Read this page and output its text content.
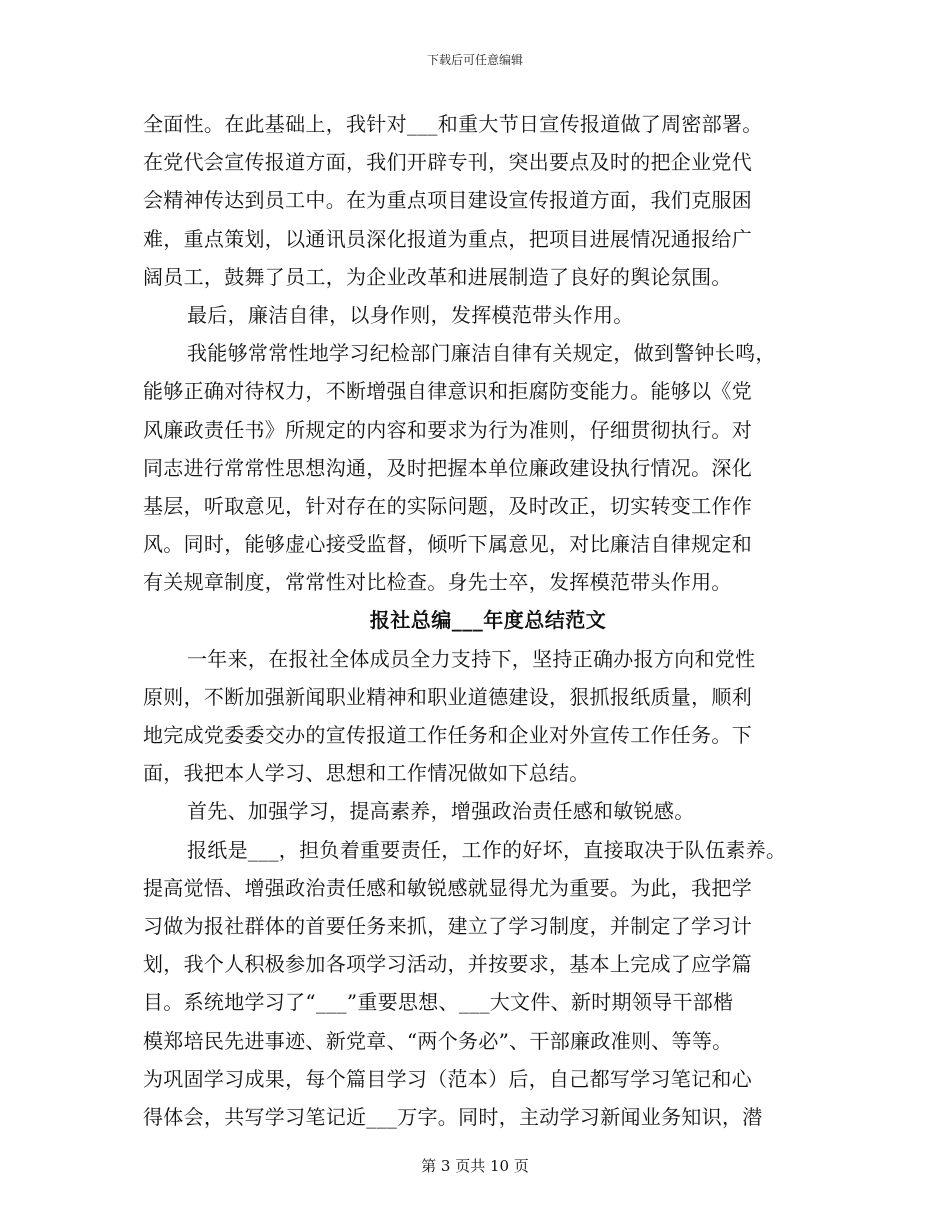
下载后可任意编辑
全面性。在此基础上，我针对___和重大节日宣传报道做了周密部署。
在党代会宣传报道方面，我们开辟专刊，突出要点及时的把企业党代
会精神传达到员工中。在为重点项目建设宣传报道方面，我们克服困
难，重点策划，以通讯员深化报道为重点，把项目进展情况通报给广
阔员工，鼓舞了员工，为企业改革和进展制造了良好的舆论氛围。
最后，廉洁自律，以身作则，发挥模范带头作用。
我能够常常性地学习纪检部门廉洁自律有关规定，做到警钟长鸣，
能够正确对待权力，不断增强自律意识和拒腐防变能力。能够以《党
风廉政责任书》所规定的内容和要求为行为准则，仔细贯彻执行。对
同志进行常常性思想沟通，及时把握本单位廉政建设执行情况。深化
基层，听取意见，针对存在的实际问题，及时改正，切实转变工作作
风。同时，能够虚心接受监督，倾听下属意见，对比廉洁自律规定和
有关规章制度，常常性对比检查。身先士卒，发挥模范带头作用。
报社总编___年度总结范文
一年来，在报社全体成员全力支持下，坚持正确办报方向和党性
原则，不断加强新闻职业精神和职业道德建设，狠抓报纸质量，顺利
地完成党委委交办的宣传报道工作任务和企业对外宣传工作任务。下
面，我把本人学习、思想和工作情况做如下总结。
首先、加强学习，提高素养，增强政治责任感和敏锐感。
报纸是___，担负着重要责任，工作的好坏，直接取决于队伍素养。
提高觉悟、增强政治责任感和敏锐感就显得尤为重要。为此，我把学
习做为报社群体的首要任务来抓，建立了学习制度，并制定了学习计
划，我个人积极参加各项学习活动，并按要求，基本上完成了应学篇
目。系统地学习了“___”重要思想、___大文件、新时期领导干部楷
模郑培民先进事迹、新党章、“两个务必”、干部廉政准则、等等。
为巩固学习成果，每个篇目学习（范本）后，自己都写学习笔记和心
得体会，共写学习笔记近___万字。同时，主动学习新闻业务知识，潜
第 3 页共 10 页
